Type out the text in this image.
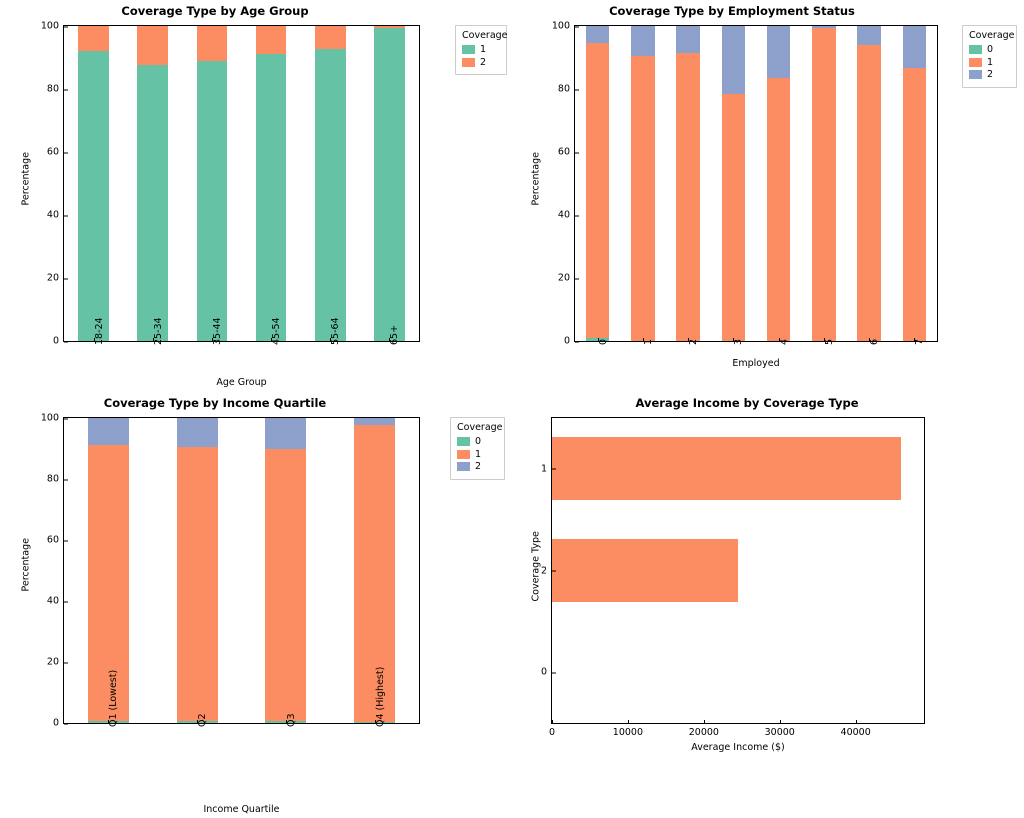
Coverage Type by Age Group
0
20
40
60
80
100
18-24	25-34	35-44	45-54	55-64	65+
Percentage
Age Group
Coverage
1
2
Coverage Type by Employment Status
0
20
40
60
80
100
0	1	2	3	4	5	6	7
Percentage
Employed
Coverage
0
1
2
Coverage Type by Income Quartile
0
20
40
60
80
100
Q1 (Lowest)	Q2	Q3	Q4 (Highest)
Percentage
Income Quartile
Coverage
0
1
2
Average Income by Coverage Type
1
2
0
0	10000	20000	30000	40000
Coverage Type
Average Income ($)
